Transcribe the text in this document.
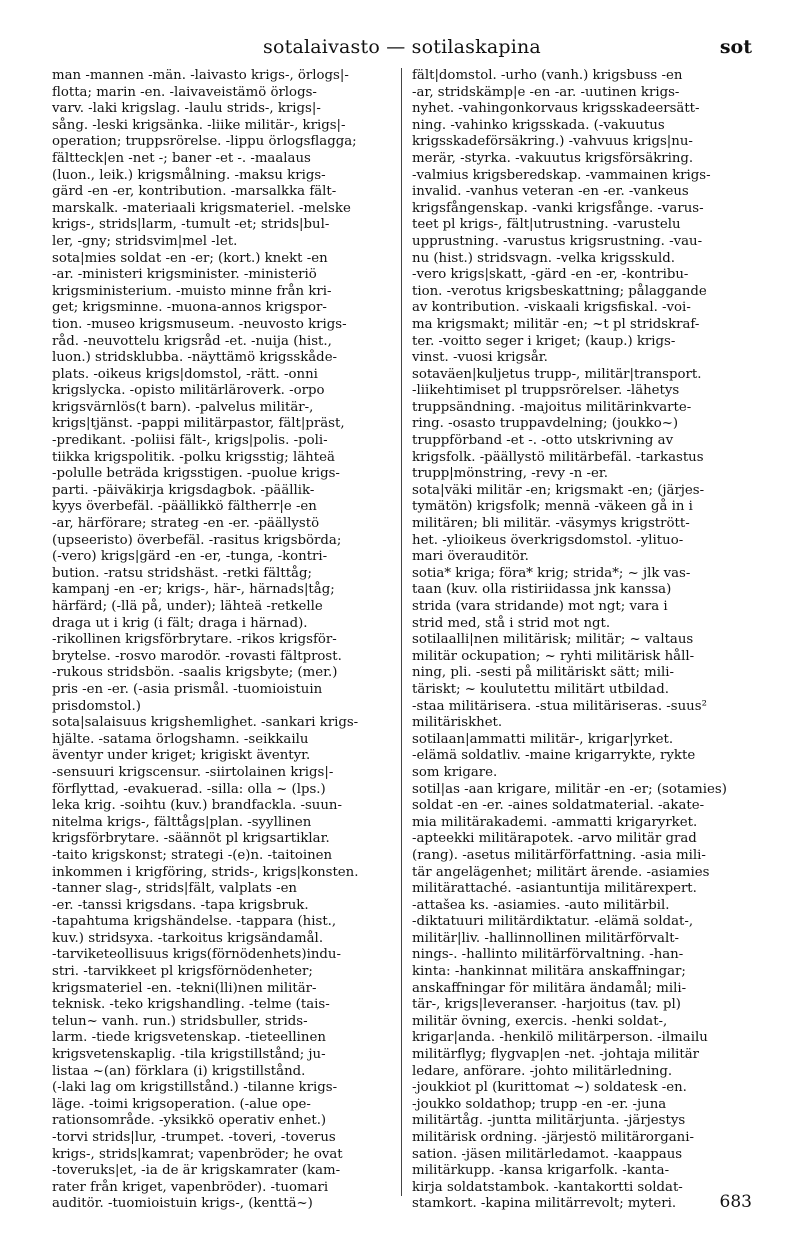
sotalaivasto — sotilaskapina	sot
man -mannen -män. -laivasto krigs-, örlogs|-
flotta; marin -en. -laivaveistämö örlogs-
varv. -laki krigslag. -laulu strids-, krigs|-
sång. -leski krigsänka. -liike militär-, krigs|-
operation; truppsrörelse. -lippu örlogsflagga;
fältteck|en -net -; baner -et -. -maalaus
(luon., leik.) krigsmålning. -maksu krigs-
gärd -en -er, kontribution. -marsalkka fält-
marskalk. -materiaali krigsmateriel. -melske
krigs-, strids|larm, -tumult -et; strids|bul-
ler, -gny; stridsvim|mel -let.
sota|mies soldat -en -er; (kort.) knekt -en
-ar. -ministeri krigsminister. -ministeriö
krigsministerium. -muisto minne från kri-
get; krigsminne. -muona-annos krigspor-
tion. -museo krigsmuseum. -neuvosto krigs-
råd. -neuvottelu krigsråd -et. -nuija (hist.,
luon.) stridsklubba. -näyttämö krigsskåde-
plats. -oikeus krigs|domstol, -rätt. -onni
krigslycka. -opisto militärläroverk. -orpo
krigsvärnlös(t barn). -palvelus militär-,
krigs|tjänst. -pappi militärpastor, fält|präst,
-predikant. -poliisi fält-, krigs|polis. -poli-
tiikka krigspolitik. -polku krigsstig; lähteä
-polulle beträda krigsstigen. -puolue krigs-
parti. -päiväkirja krigsdagbok. -päällik-
kyys överbefäl. -päällikkö fältherr|e -en
-ar, härförare; strateg -en -er. -päällystö
(upseeristo) överbefäl. -rasitus krigsbörda;
(-vero) krigs|gärd -en -er, -tunga, -kontri-
bution. -ratsu stridshäst. -retki fälttåg;
kampanj -en -er; krigs-, här-, härnads|tåg;
härfärd; (-llä på, under); lähteä -retkelle
draga ut i krig (i fält; draga i härnad).
-rikollinen krigsförbrytare. -rikos krigsför-
brytelse. -rosvo marodör. -rovasti fältprost.
-rukous stridsbön. -saalis krigsbyte; (mer.)
pris -en -er. (-asia prismål. -tuomioistuin
prisdomstol.)
sota|salaisuus krigshemlighet. -sankari krigs-
hjälte. -satama örlogshamn. -seikkailu
äventyr under kriget; krigiskt äventyr.
-sensuuri krigscensur. -siirtolainen krigs|-
förflyttad, -evakuerad. -silla: olla ~ (lps.)
leka krig. -soihtu (kuv.) brandfackla. -suun-
nitelma krigs-, fälttågs|plan. -syyllinen
krigsförbrytare. -säännöt pl krigsartiklar.
-taito krigskonst; strategi -(e)n. -taitoinen
inkommen i krigföring, strids-, krigs|konsten.
-tanner slag-, strids|fält, valplats -en
-er. -tanssi krigsdans. -tapa krigsbruk.
-tapahtuma krigshändelse. -tappara (hist.,
kuv.) stridsyxa. -tarkoitus krigsändamål.
-tarviketeollisuus krigs(förnödenhets)indu-
stri. -tarvikkeet pl krigsförnödenheter;
krigsmateriel -en. -tekni(lli)nen militär-
teknisk. -teko krigshandling. -telme (tais-
telun~ vanh. run.) stridsbuller, strids-
larm. -tiede krigsvetenskap. -tieteellinen
krigsvetenskaplig. -tila krigstillstånd; ju-
listaa ~(an) förklara (i) krigstillstånd.
(-laki lag om krigstillstånd.) -tilanne krigs-
läge. -toimi krigsoperation. (-alue ope-
rationsområde. -yksikkö operativ enhet.)
-torvi strids|lur, -trumpet. -toveri, -toverus
krigs-, strids|kamrat; vapenbröder; he ovat
-toveruks|et, -ia de är krigskamrater (kam-
rater från kriget, vapenbröder). -tuomari
auditör. -tuomioistuin krigs-, (kenttä~)
fält|domstol. -urho (vanh.) krigsbuss -en
-ar, stridskämp|e -en -ar. -uutinen krigs-
nyhet. -vahingonkorvaus krigsskadeersätt-
ning. -vahinko krigsskada. (-vakuutus
krigsskadeförsäkring.) -vahvuus krigs|nu-
merär, -styrka. -vakuutus krigsförsäkring.
-valmius krigsberedskap. -vammainen krigs-
invalid. -vanhus veteran -en -er. -vankeus
krigsfångenskap. -vanki krigsfånge. -varus-
teet pl krigs-, fält|utrustning. -varustelu
upprustning. -varustus krigsrustning. -vau-
nu (hist.) stridsvagn. -velka krigsskuld.
-vero krigs|skatt, -gärd -en -er, -kontribu-
tion. -verotus krigsbeskattning; pålaggande
av kontribution. -viskaali krigsfiskal. -voi-
ma krigsmakt; militär -en; ~t pl stridskraf-
ter. -voitto seger i kriget; (kaup.) krigs-
vinst. -vuosi krigsår.
sotaväen|kuljetus trupp-, militär|transport.
-liikehtimiset pl truppsrörelser. -lähetys
truppsändning. -majoitus militärinkvarte-
ring. -osasto truppavdelning; (joukko~)
truppförband -et -. -otto utskrivning av
krigsfolk. -päällystö militärbefäl. -tarkastus
trupp|mönstring, -revy -n -er.
sota|väki militär -en; krigsmakt -en; (järjes-
tymätön) krigsfolk; mennä -väkeen gå in i
militären; bli militär. -väsymys krigstrött-
het. -ylioikeus överkrigsdomstol. -ylituo-
mari överauditör.
sotia* kriga; föra* krig; strida*; ~ jlk vas-
taan (kuv. olla ristiriidassa jnk kanssa)
strida (vara stridande) mot ngt; vara i
strid med, stå i strid mot ngt.
sotilaalli|nen militärisk; militär; ~ valtaus
militär ockupation; ~ ryhti militärisk håll-
ning, pli. -sesti på militäriskt sätt; mili-
täriskt; ~ koulutettu militärt utbildad.
-staa militärisera. -stua militäriseras. -suus²
militäriskhet.
sotilaan|ammatti militär-, krigar|yrket.
-elämä soldatliv. -maine krigarrykte, rykte
som krigare.
sotil|as -aan krigare, militär -en -er; (sotamies)
soldat -en -er. -aines soldatmaterial. -akate-
mia militärakademi. -ammatti krigaryrket.
-apteekki militärapotek. -arvo militär grad
(rang). -asetus militärförfattning. -asia mili-
tär angelägenhet; militärt ärende. -asiamies
militärattaché. -asiantuntija militärexpert.
-attašea ks. -asiamies. -auto militärbil.
-diktatuuri militärdiktatur. -elämä soldat-,
militär|liv. -hallinnollinen militärförvalt-
nings-. -hallinto militärförvaltning. -han-
kinta: -hankinnat militära anskaffningar;
anskaffningar för militära ändamål; mili-
tär-, krigs|leveranser. -harjoitus (tav. pl)
militär övning, exercis. -henki soldat-,
krigar|anda. -henkilö militärperson. -ilmailu
militärflyg; flygvap|en -net. -johtaja militär
ledare, anförare. -johto militärledning.
-joukkiot pl (kurittomat ~) soldatesk -en.
-joukko soldathop; trupp -en -er. -juna
militärtåg. -juntta militärjunta. -järjestys
militärisk ordning. -järjestö militärorgani-
sation. -jäsen militärledamot. -kaappaus
militärkupp. -kansa krigarfolk. -kanta-
kirja soldatstambok. -kantakortti soldat-
stamkort. -kapina militärrevolt; myteri.	683
